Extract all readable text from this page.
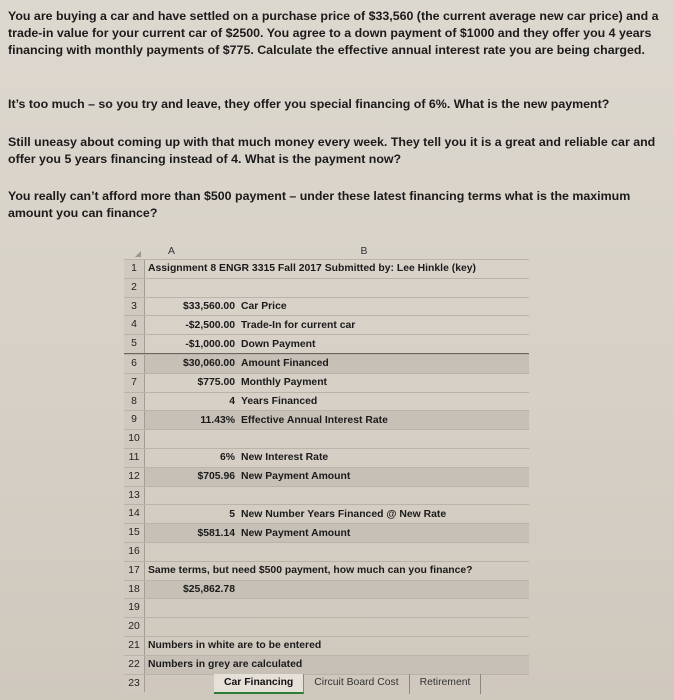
You are buying a car and have settled on a purchase price of $33,560 (the current average new car price) and a trade-in value for your current car of $2500. You agree to a down payment of $1000 and they offer you 4 years financing with monthly payments of $775. Calculate the effective annual interest rate you are being charged.
It’s too much – so you try and leave, they offer you special financing of 6%. What is the new payment?
Still uneasy about coming up with that much money every week. They tell you it is a great and reliable car and offer you 5 years financing instead of 4. What is the payment now?
You really can’t afford more than $500 payment – under these latest financing terms what is the maximum amount you can finance?
A	B
1	Assignment 8 ENGR 3315 Fall 2017 Submitted by: Lee Hinkle (key)
2
3	$33,560.00 Car Price
4	-$2,500.00 Trade-In for current car
5	-$1,000.00 Down Payment
6	$30,060.00 Amount Financed
7	$775.00 Monthly Payment
8	4 Years Financed
9	11.43% Effective Annual Interest Rate
10
11	6% New Interest Rate
12	$705.96 New Payment Amount
13
14	5 New Number Years Financed @ New Rate
15	$581.14 New Payment Amount
16
17 Same terms, but need $500 payment, how much can you finance?
18	$25,862.78
19
20
21 Numbers in white are to be entered
22 Numbers in grey are calculated
23	Car Financing	Circuit Board Cost	Retirement
